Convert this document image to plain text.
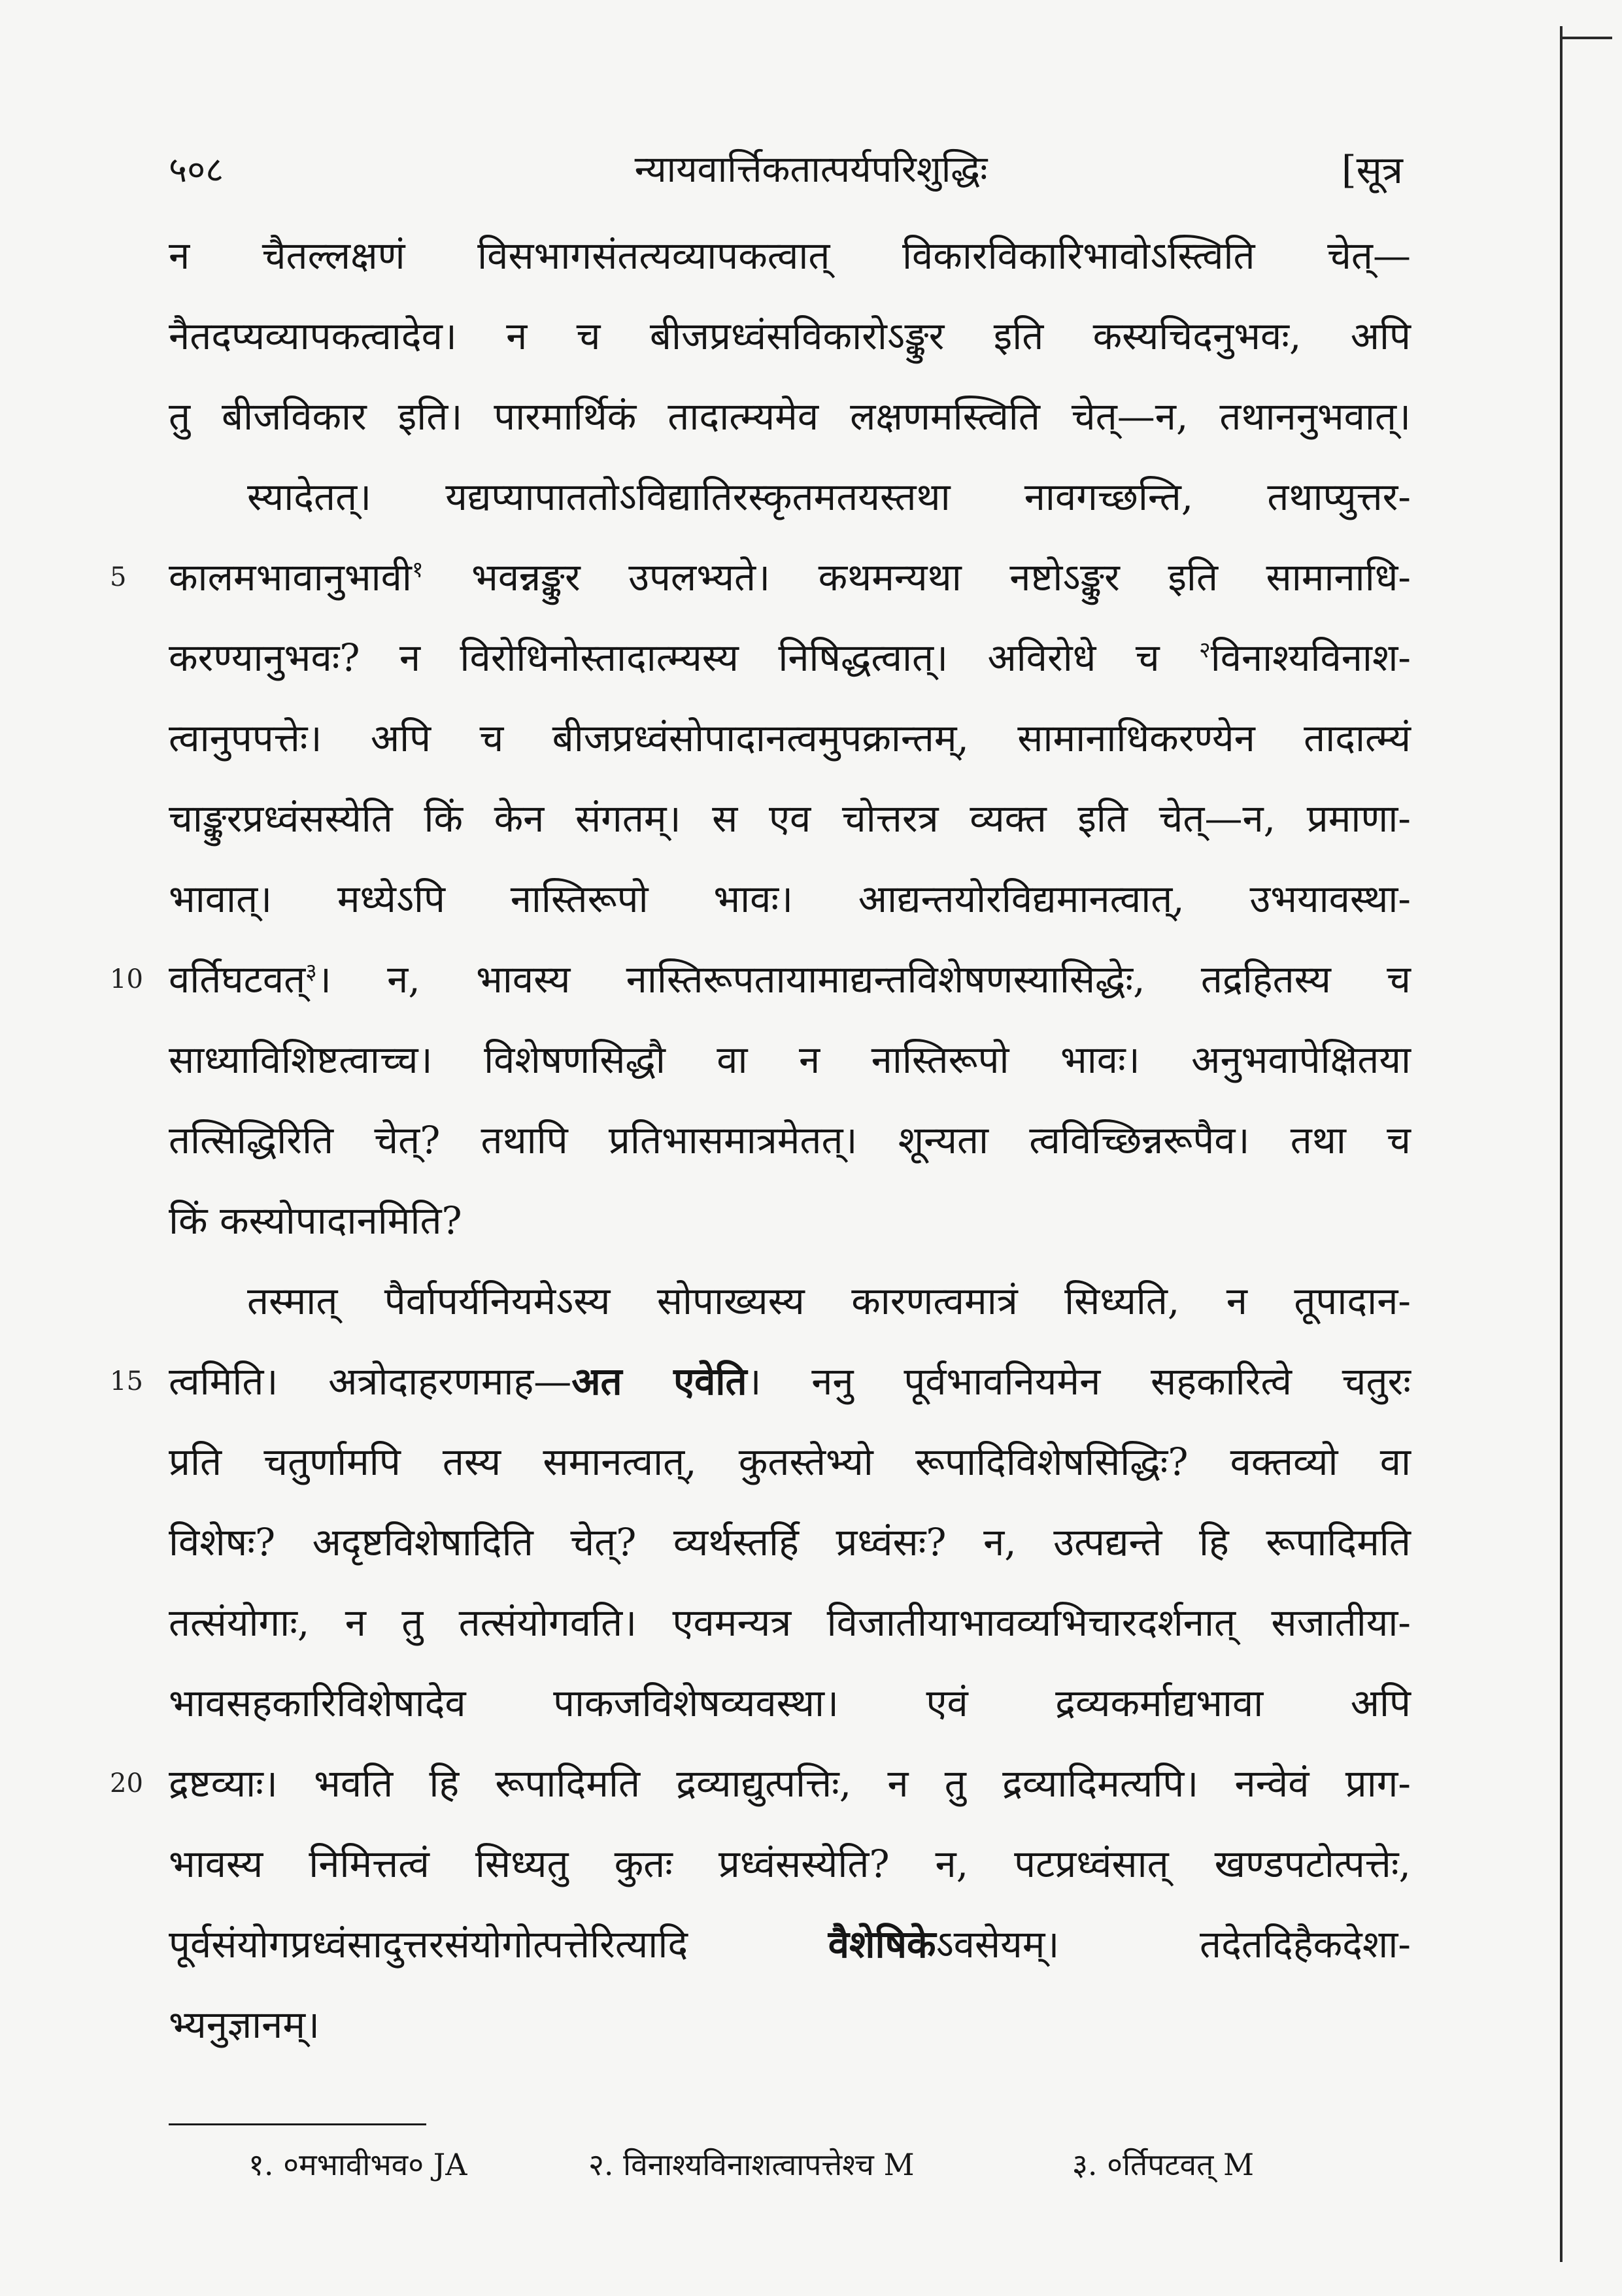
५०८	न्यायवार्त्तिकतात्पर्यपरिशुद्धिः	[सूत्र
न चैतल्लक्षणं विसभागसंतत्यव्यापकत्वात् विकारविकारिभावोऽस्त्विति चेत्—
नैतदप्यव्यापकत्वादेव। न च बीजप्रध्वंसविकारोऽङ्कुर इति कस्यचिदनुभवः, अपि
तु बीजविकार इति। पारमार्थिकं तादात्म्यमेव लक्षणमस्त्विति चेत्—न, तथाननुभवात्।
स्यादेतत्। यद्यप्यापाततोऽविद्यातिरस्कृतमतयस्तथा नावगच्छन्ति, तथाप्युत्तर-
5 कालमभावानुभावी$^१$ भवन्नङ्कुर उपलभ्यते। कथमन्यथा नष्टोऽङ्कुर इति सामानाधि-
करण्यानुभवः? न विरोधिनोस्तादात्म्यस्य निषिद्धत्वात्। अविरोधे च $^२$विनाश्यविनाश-
त्वानुपपत्तेः। अपि च बीजप्रध्वंसोपादानत्वमुपक्रान्तम्, सामानाधिकरण्येन तादात्म्यं
चाङ्कुरप्रध्वंसस्येति किं केन संगतम्। स एव चोत्तरत्र व्यक्त इति चेत्—न, प्रमाणा-
भावात्। मध्येऽपि नास्तिरूपो भावः। आद्यन्तयोरविद्यमानत्वात्, उभयावस्था-
10 वर्तिघटवत्$^३$। न, भावस्य नास्तिरूपतायामाद्यन्तविशेषणस्यासिद्धेः, तद्रहितस्य च
साध्याविशिष्टत्वाच्च। विशेषणसिद्धौ वा न नास्तिरूपो भावः। अनुभवापेक्षितया
तत्सिद्धिरिति चेत्? तथापि प्रतिभासमात्रमेतत्। शून्यता त्वविच्छिन्नरूपैव। तथा च
किं कस्योपादानमिति?
तस्मात् पैर्वापर्यनियमेऽस्य सोपाख्यस्य कारणत्वमात्रं सिध्यति, न तूपादान-
15 त्वमिति। अत्रोदाहरणमाह—अत एवेति। ननु पूर्वभावनियमेन सहकारित्वे चतुरः
प्रति चतुर्णामपि तस्य समानत्वात्, कुतस्तेभ्यो रूपादिविशेषसिद्धिः? वक्तव्यो वा
विशेषः? अदृष्टविशेषादिति चेत्? व्यर्थस्तर्हि प्रध्वंसः? न, उत्पद्यन्ते हि रूपादिमति
तत्संयोगाः, न तु तत्संयोगवति। एवमन्यत्र विजातीयाभावव्यभिचारदर्शनात् सजातीया-
भावसहकारिविशेषादेव पाकजविशेषव्यवस्था। एवं द्रव्यकर्माद्यभावा अपि
20 द्रष्टव्याः। भवति हि रूपादिमति द्रव्याद्युत्पत्तिः, न तु द्रव्यादिमत्यपि। नन्वेवं प्राग-
भावस्य निमित्तत्वं सिध्यतु कुतः प्रध्वंसस्येति? न, पटप्रध्वंसात् खण्डपटोत्पत्तेः,
पूर्वसंयोगप्रध्वंसादुत्तरसंयोगोत्पत्तेरित्यादि वैशेषिकेऽवसेयम्। तदेतदिहैकदेशा-
भ्यनुज्ञानम्।
१. ०मभावीभव० JA	२. विनाश्यविनाशत्वापत्तेश्च M	३. ०र्तिपटवत् M
